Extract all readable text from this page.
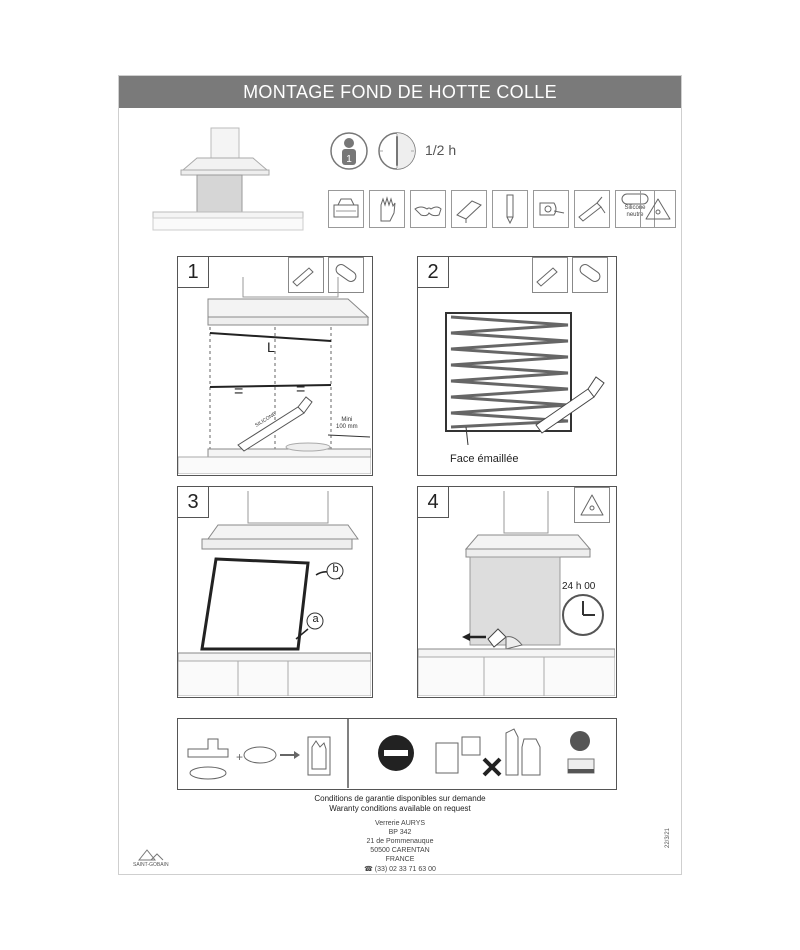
MONTAGE FOND DE HOTTE COLLE
1
1/2 h
Silicone
neutre
1
L
=	=
Mini
100 mm
SILICONE
2
Face émaillée
3
a
b
4
24 h 00
+
Conditions de garantie disponibles sur demande
Waranty conditions available on request
Verrerie AURYS
BP 342
21 de Pommenauque
50500 CARENTAN
FRANCE
☎ (33) 02 33 71 63 00
SAINT-GOBAIN
22/3/21
